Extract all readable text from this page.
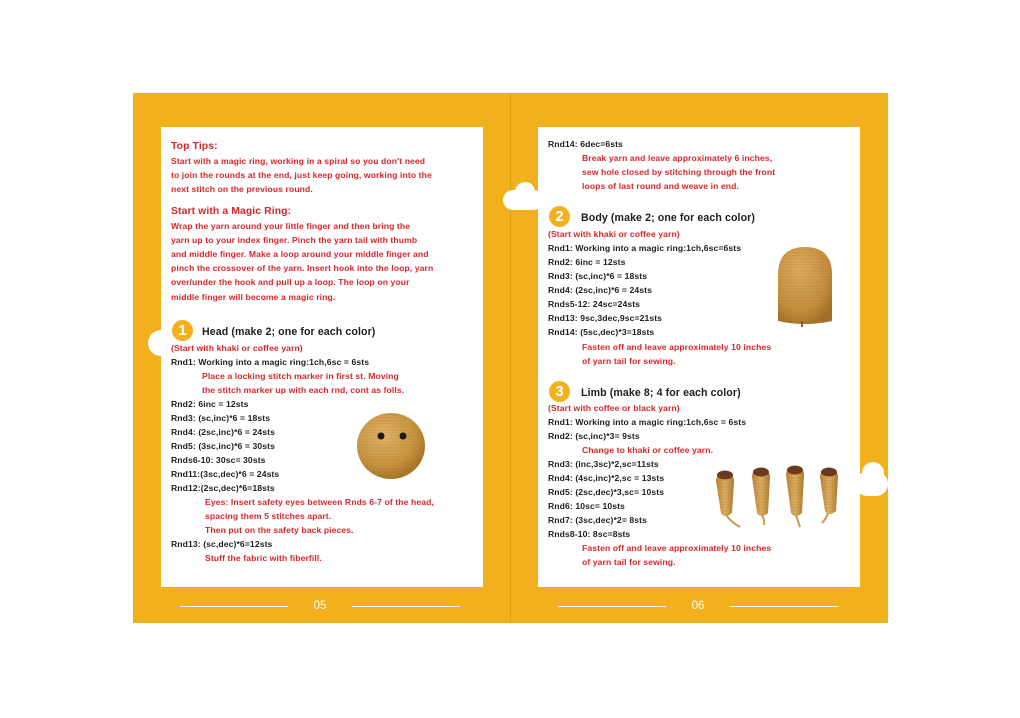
Top Tips:
Start with a magic ring, working in a spiral so you don't need
to join the rounds at the end, just keep going, working into the
next stitch on the previous round.
Start with a Magic Ring:
Wrap the yarn around your little finger and then bring the
yarn up to your index finger. Pinch the yarn tail with thumb
and middle finger. Make a loop around your middle finger and
pinch the crossover of the yarn. Insert hook into the loop, yarn
over/under the hook and pull up a loop. The loop on your
middle finger will become a magic ring.
1	Head (make 2; one for each color)
(Start with khaki or coffee yarn)
Rnd1: Working into a magic ring:1ch,6sc = 6sts
Place a locking stitch marker in first st. Moving
the stitch marker up with each rnd, cont as folls.
Rnd2: 6inc = 12sts
Rnd3: (sc,inc)*6 = 18sts
Rnd4: (2sc,inc)*6 = 24sts
Rnd5: (3sc,inc)*6 = 30sts
Rnds6-10: 30sc= 30sts
Rnd11:(3sc,dec)*6 = 24sts
Rnd12:(2sc,dec)*6=18sts
Eyes: Insert safety eyes between Rnds 6-7 of the head,
spacing them 5 stitches apart.
Then put on the safety back pieces.
Rnd13: (sc,dec)*6=12sts
Stuff the fabric with fiberfill.
05
Rnd14: 6dec=6sts
Break yarn and leave approximately 6 inches,
sew hole closed by stitching through the front
loops of last round and weave in end.
2	Body (make 2; one for each color)
(Start with khaki or coffee yarn)
Rnd1: Working into a magic ring:1ch,6sc=6sts
Rnd2: 6inc = 12sts
Rnd3: (sc,inc)*6 = 18sts
Rnd4: (2sc,inc)*6 = 24sts
Rnds5-12: 24sc=24sts
Rnd13: 9sc,3dec,9sc=21sts
Rnd14: (5sc,dec)*3=18sts
Fasten off and leave approximately 10 inches
of yarn tail for sewing.
3	Limb (make 8; 4 for each color)
(Start with coffee or black yarn)
Rnd1: Working into a magic ring:1ch,6sc = 6sts
Rnd2: (sc,inc)*3= 9sts
Change to khaki or coffee yarn.
Rnd3: (inc,3sc)*2,sc=11sts
Rnd4: (4sc,inc)*2,sc = 13sts
Rnd5: (2sc,dec)*3,sc= 10sts
Rnd6: 10sc= 10sts
Rnd7: (3sc,dec)*2= 8sts
Rnds8-10: 8sc=8sts
Fasten off and leave approximately 10 inches
of yarn tail for sewing.
06
